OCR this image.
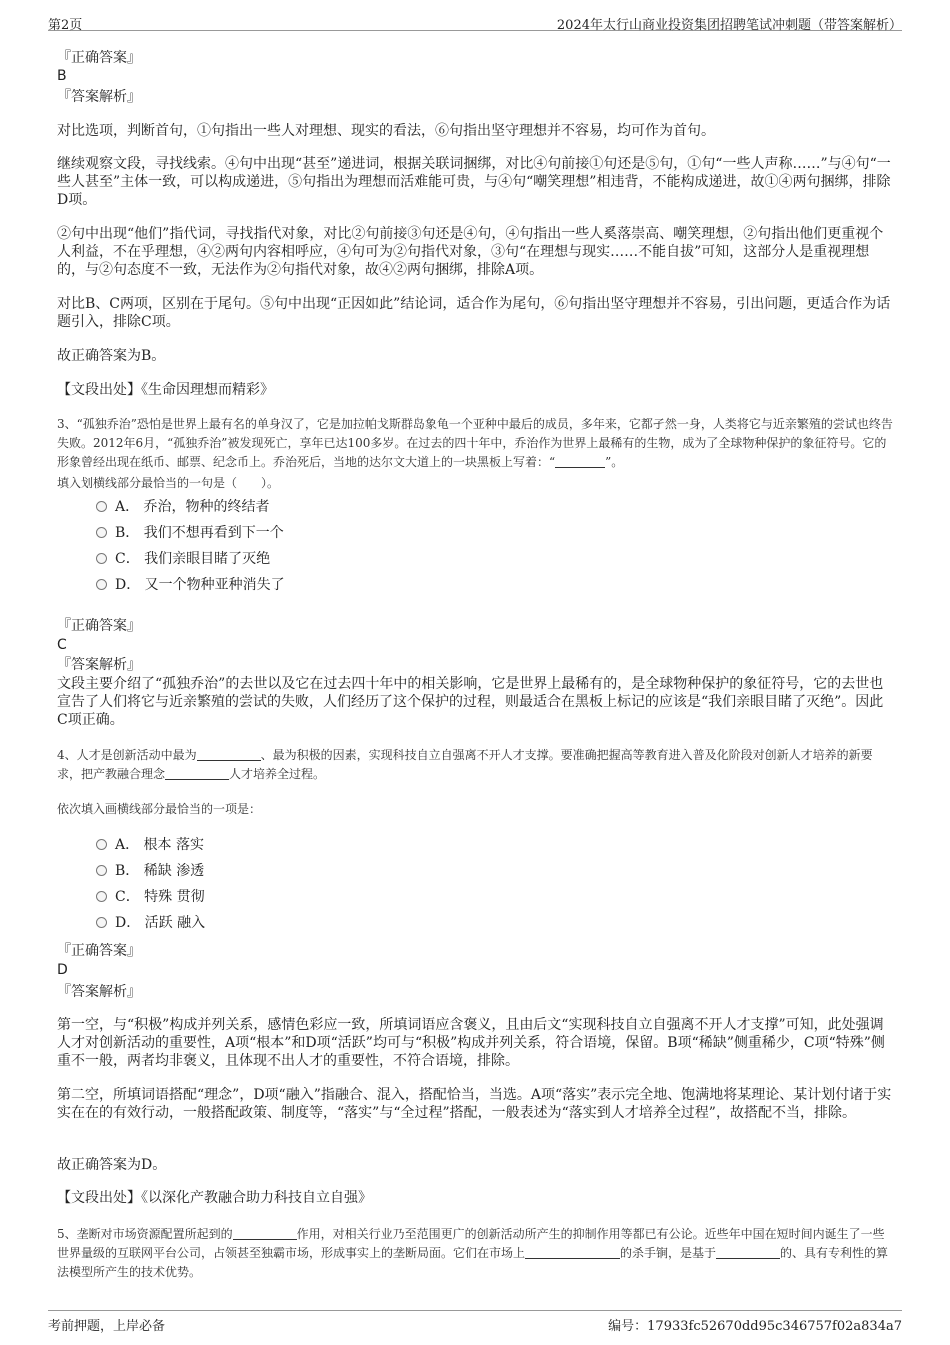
第2页	2024年太行山商业投资集团招聘笔试冲刺题（带答案解析）
『正确答案』
B
『答案解析』
对比选项，判断首句，①句指出一些人对理想、现实的看法，⑥句指出坚守理想并不容易，均可作为首句。
继续观察文段，寻找线索。④句中出现“甚至”递进词，根据关联词捆绑，对比④句前接①句还是⑤句，①句“一些人声称……”与④句“一些人甚至”主体一致，可以构成递进，⑤句指出为理想而活难能可贵，与④句“嘲笑理想”相违背，不能构成递进，故①④两句捆绑，排除D项。
②句中出现“他们”指代词，寻找指代对象，对比②句前接③句还是④句，④句指出一些人奚落崇高、嘲笑理想，②句指出他们更重视个人利益，不在乎理想，④②两句内容相呼应，④句可为②句指代对象，③句“在理想与现实……不能自拔”可知，这部分人是重视理想的，与②句态度不一致，无法作为②句指代对象，故④②两句捆绑，排除A项。
对比B、C两项，区别在于尾句。⑤句中出现“正因如此”结论词，适合作为尾句，⑥句指出坚守理想并不容易，引出问题，更适合作为话题引入，排除C项。
故正确答案为B。
【文段出处】《生命因理想而精彩》
3、“孤独乔治”恐怕是世界上最有名的单身汉了，它是加拉帕戈斯群岛象龟一个亚种中最后的成员，多年来，它都孑然一身，人类将它与近亲繁殖的尝试也终告失败。2012年6月，“孤独乔治”被发现死亡，享年已达100多岁。在过去的四十年中，乔治作为世界上最稀有的生物，成为了全球物种保护的象征符号。它的形象曾经出现在纸币、邮票、纪念币上。乔治死后，当地的达尔文大道上的一块黑板上写着：“	”。
填入划横线部分最恰当的一句是（　　）。
A． 乔治，物种的终结者
B． 我们不想再看到下一个
C． 我们亲眼目睹了灭绝
D． 又一个物种亚种消失了
『正确答案』
C
『答案解析』
文段主要介绍了“孤独乔治”的去世以及它在过去四十年中的相关影响，它是世界上最稀有的，是全球物种保护的象征符号，它的去世也宣告了人们将它与近亲繁殖的尝试的失败，人们经历了这个保护的过程，则最适合在黑板上标记的应该是“我们亲眼目睹了灭绝”。因此C项正确。
4、人才是创新活动中最为	、最为积极的因素，实现科技自立自强离不开人才支撑。要准确把握高等教育进入普及化阶段对创新人才培养的新要求，把产教融合理念	人才培养全过程。
依次填入画横线部分最恰当的一项是：
A． 根本 落实
B． 稀缺 渗透
C． 特殊 贯彻
D． 活跃 融入
『正确答案』
D
『答案解析』
第一空，与“积极”构成并列关系，感情色彩应一致，所填词语应含褒义，且由后文“实现科技自立自强离不开人才支撑”可知，此处强调人才对创新活动的重要性，A项“根本”和D项“活跃”均可与“积极”构成并列关系，符合语境，保留。B项“稀缺”侧重稀少，C项“特殊”侧重不一般，两者均非褒义，且体现不出人才的重要性，不符合语境，排除。
第二空，所填词语搭配“理念”，D项“融入”指融合、混入，搭配恰当，当选。A项“落实”表示完全地、饱满地将某理论、某计划付诸于实实在在的有效行动，一般搭配政策、制度等，“落实”与“全过程”搭配，一般表述为“落实到人才培养全过程”，故搭配不当，排除。
故正确答案为D。
【文段出处】《以深化产教融合助力科技自立自强》
5、垄断对市场资源配置所起到的	作用，对相关行业乃至范围更广的创新活动所产生的抑制作用等都已有公论。近些年中国在短时间内诞生了一些世界量级的互联网平台公司，占领甚至独霸市场，形成事实上的垄断局面。它们在市场上	的杀手锏，是基于	的、具有专利性的算法模型所产生的技术优势。
考前押题，上岸必备	编号：17933fc52670dd95c346757f02a834a7
